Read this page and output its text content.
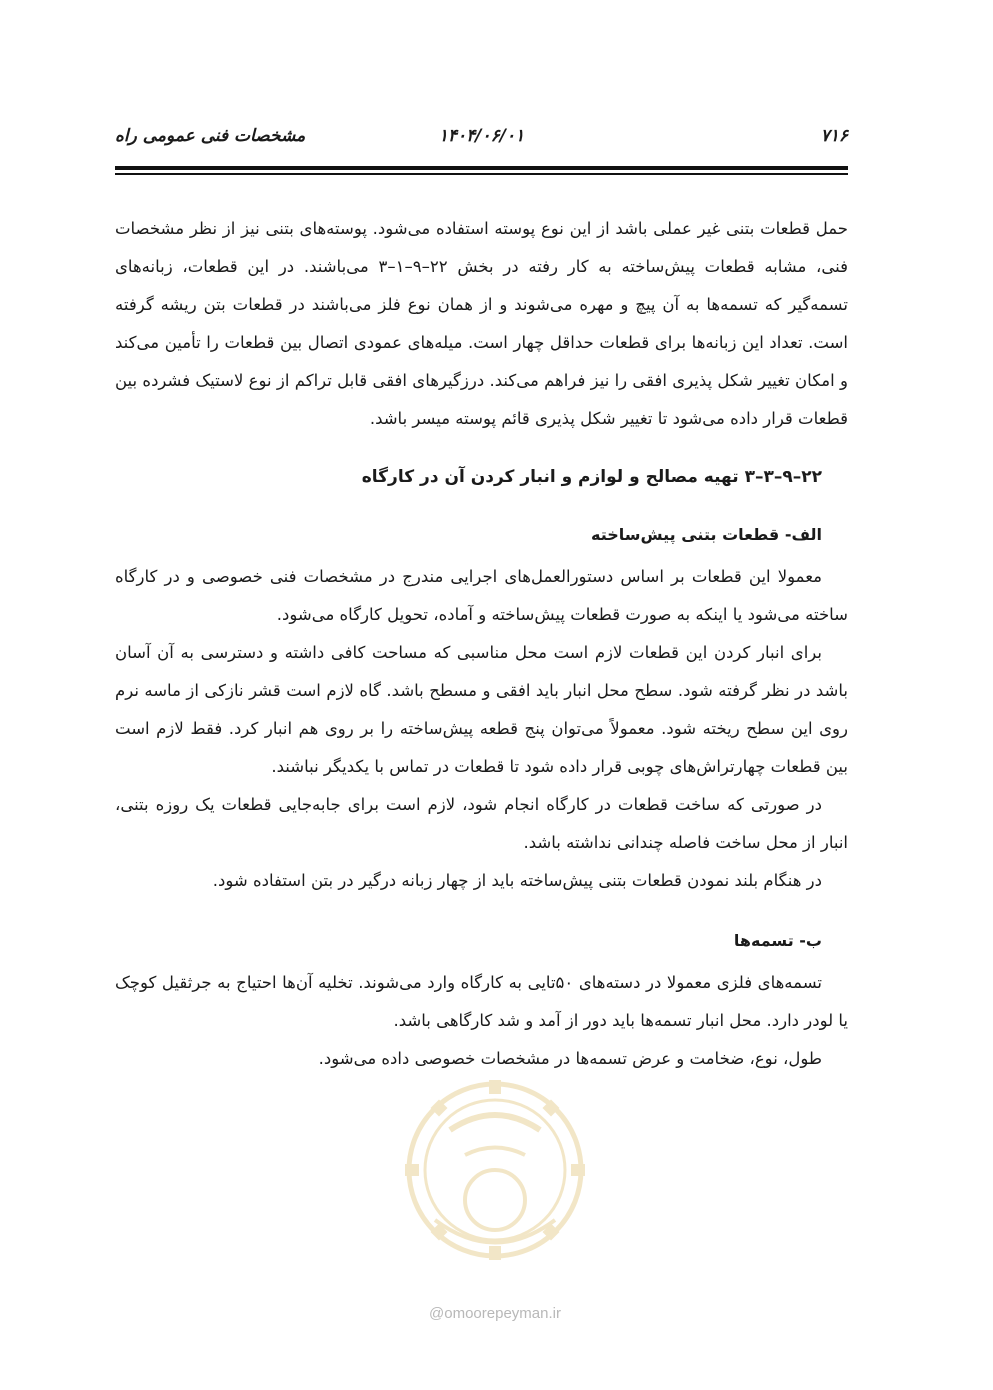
۷۱۶
۱۴۰۴/۰۶/۰۱
مشخصات فنی عمومی راه

حمل قطعات بتنی غیر عملی باشد از این نوع پوسته استفاده می‌شود. پوسته‌های بتنی نیز از نظر مشخصات فنی، مشابه قطعات پیش‌ساخته به کار رفته در بخش ۲۲–۹–۱–۳ می‌باشند. در این قطعات، زبانه‌های تسمه‌گیر که تسمه‌ها به آن پیچ و مهره می‌شوند و از همان نوع فلز می‌باشند در قطعات بتن ریشه گرفته است. تعداد این زبانه‌ها برای قطعات حداقل چهار است. میله‌های عمودی اتصال بین قطعات را تأمین می‌کند و امکان تغییر شکل پذیری افقی را نیز فراهم می‌کند. درزگیرهای افقی قابل تراکم از نوع لاستیک فشرده بین قطعات قرار داده می‌شود تا تغییر شکل پذیری قائم پوسته میسر باشد.

۲۲–۹–۳–۳ تهیه مصالح و لوازم و انبار کردن آن در کارگاه

الف- قطعات بتنی پیش‌ساخته

معمولا این قطعات بر اساس دستورالعمل‌های اجرایی مندرج در مشخصات فنی خصوصی و در کارگاه ساخته می‌شود یا اینکه به صورت قطعات پیش‌ساخته و آماده، تحویل کارگاه می‌شود.

برای انبار کردن این قطعات لازم است محل مناسبی که مساحت کافی داشته و دسترسی به آن آسان باشد در نظر گرفته شود. سطح محل انبار باید افقی و مسطح باشد. گاه لازم است قشر نازکی از ماسه نرم روی این سطح ریخته شود. معمولاً می‌توان پنج قطعه پیش‌ساخته را بر روی هم انبار کرد. فقط لازم است بین قطعات چهارتراش‌های چوبی قرار داده شود تا قطعات در تماس با یکدیگر نباشند.

در صورتی که ساخت قطعات در کارگاه انجام شود، لازم است برای جابه‌جایی قطعات یک روزه بتنی، انبار از محل ساخت فاصله چندانی نداشته باشد.

در هنگام بلند نمودن قطعات بتنی پیش‌ساخته باید از چهار زبانه درگیر در بتن استفاده شود.

ب- تسمه‌ها

تسمه‌های فلزی معمولا در دسته‌های ۵۰تایی به کارگاه وارد می‌شوند. تخلیه آن‌ها احتیاج به جرثقیل کوچک یا لودر دارد. محل انبار تسمه‌ها باید دور از آمد و شد کارگاهی باشد.

طول، نوع، ضخامت و عرض تسمه‌ها در مشخصات خصوصی داده می‌شود.

@omoorepeyman.ir
